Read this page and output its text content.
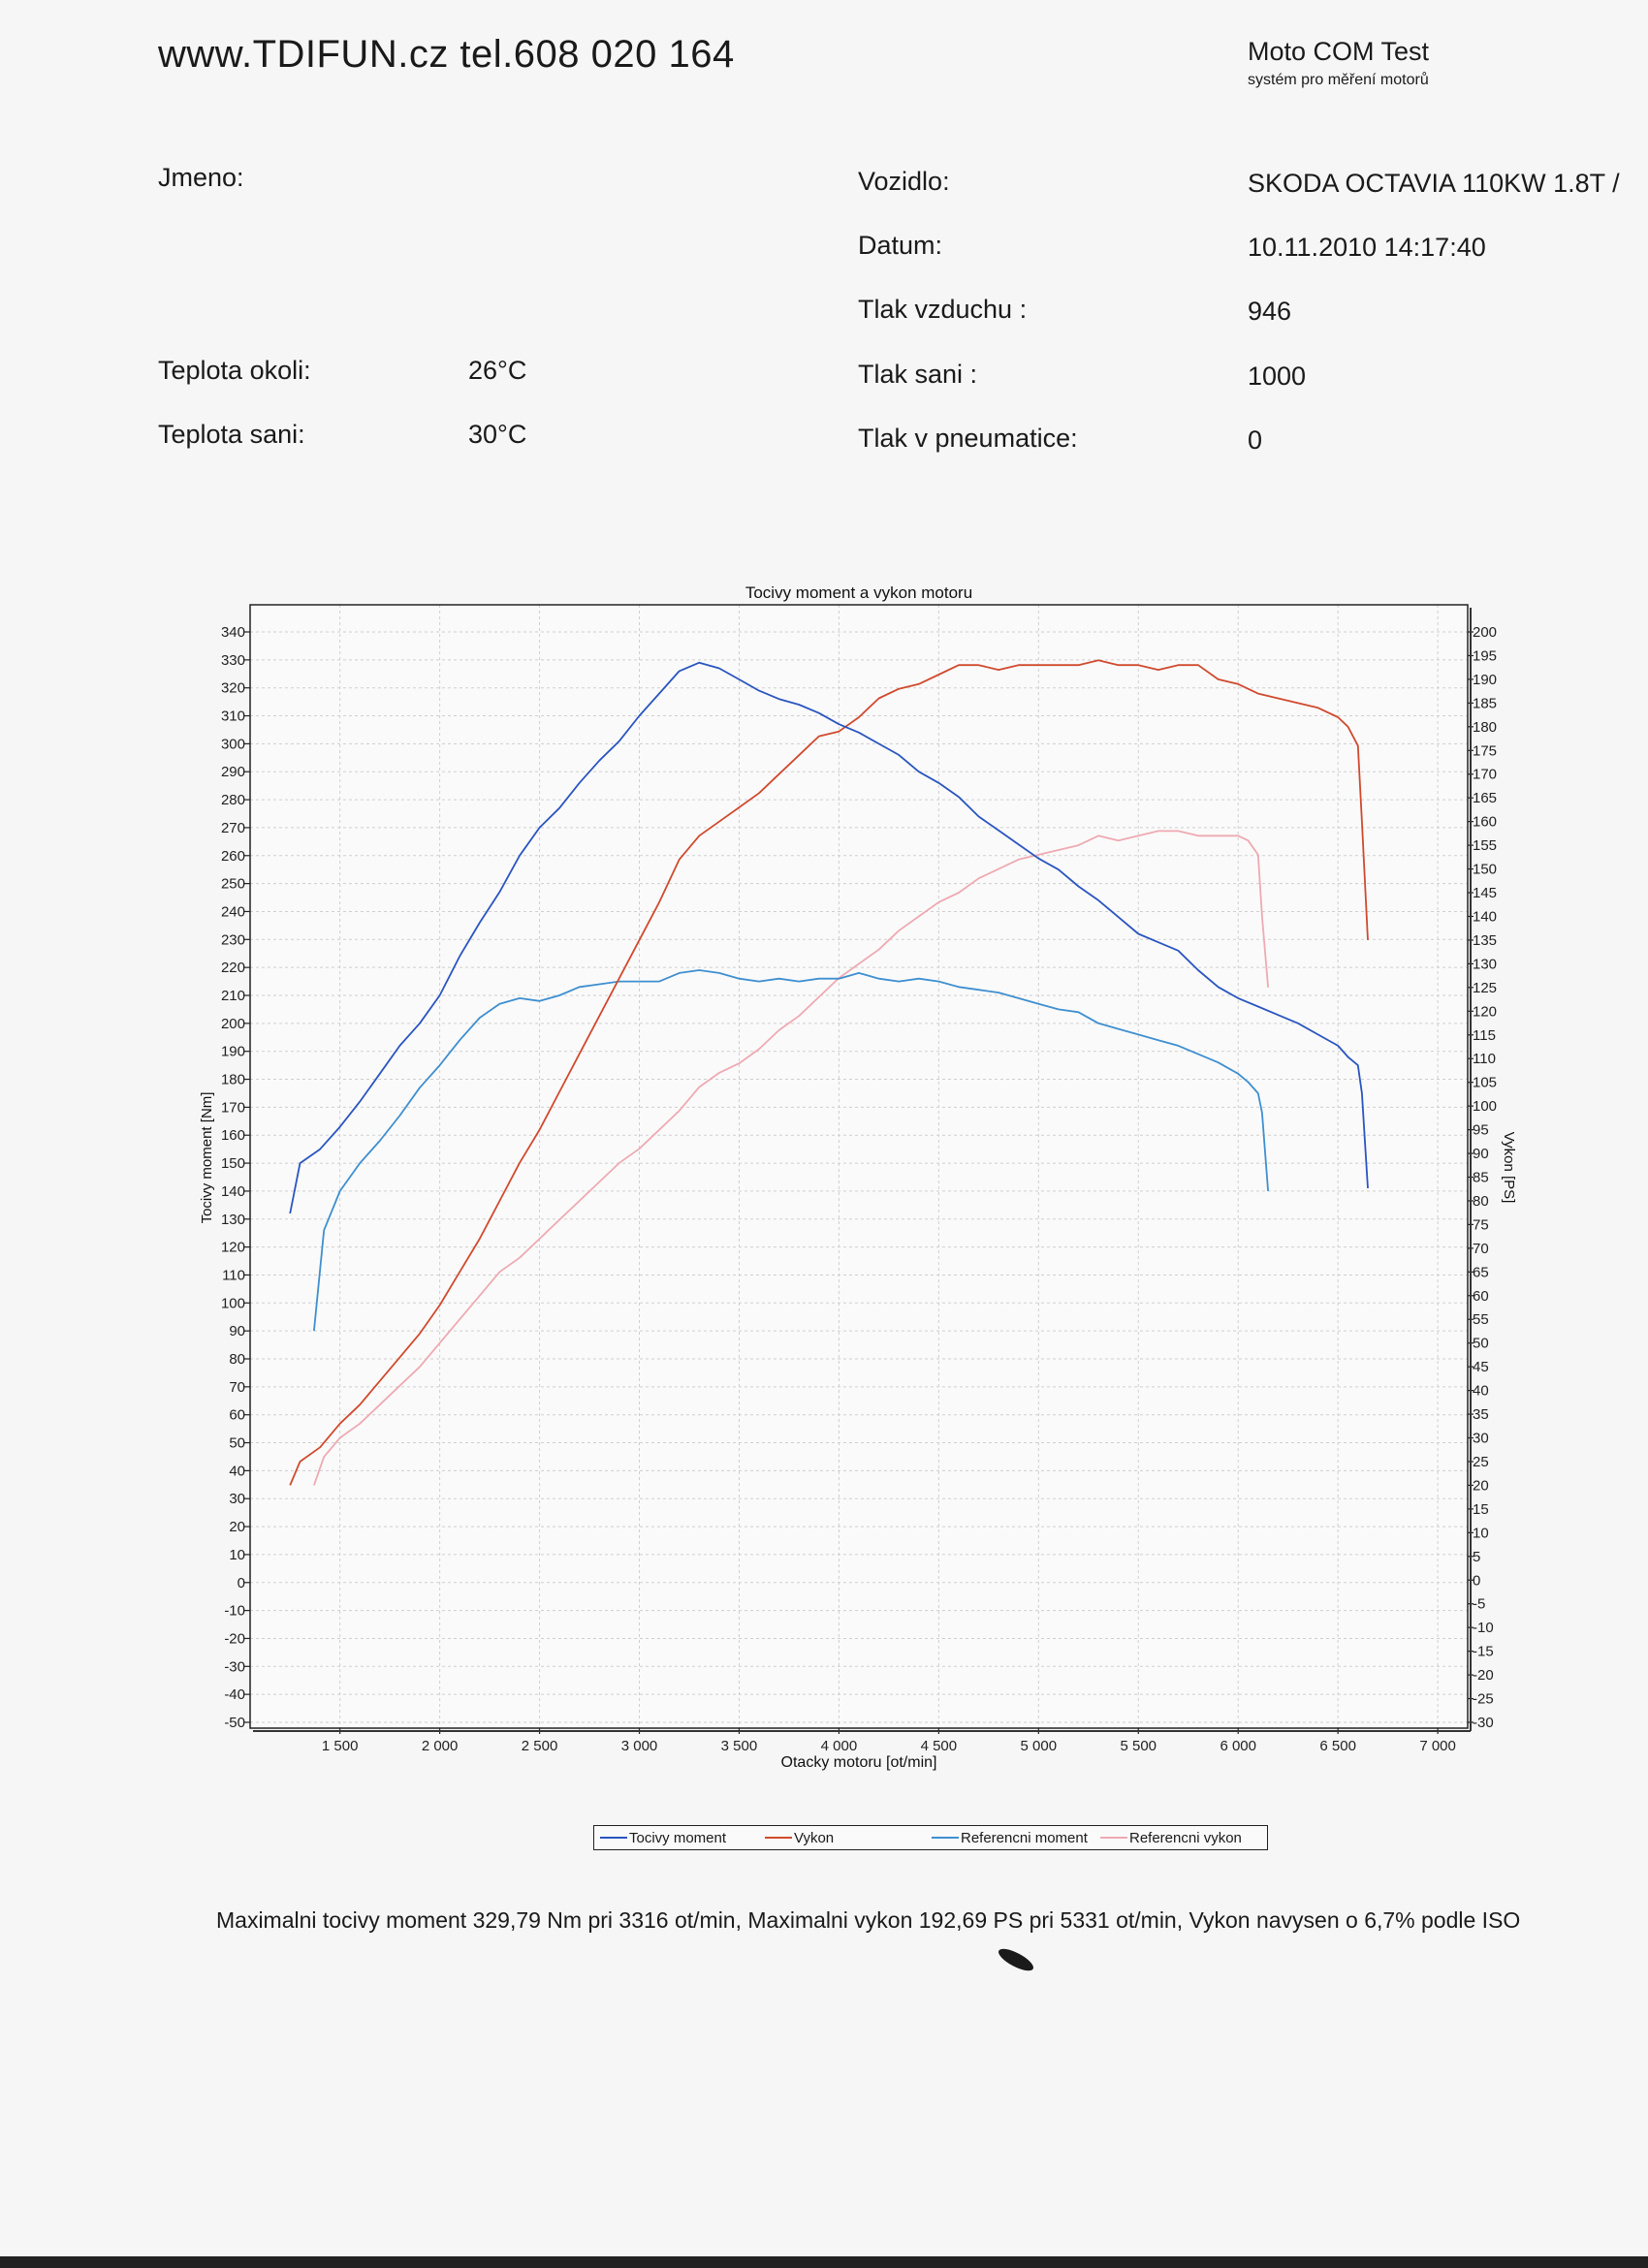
www.TDIFUN.cz tel.608 020 164	Moto COM Test
systém pro měření motorů
Jmeno:
Teplota okoli:	26°C
Teplota sani:	30°C
Vozidlo:	SKODA OCTAVIA 110KW 1.8T /
Datum:	10.11.2010 14:17:40
Tlak vzduchu :	946
Tlak sani :	1000
Tlak v pneumatice:	0
-50
-40
-30
-20
-10
0
10
20
30
40
50
60
70
80
90
100
110
120
130
140
150
160
170
180
190
200
210
220
230
240
250
260
270
280
290
300
310
320
330
340
1 500	2 000	2 500	3 000	3 500	4 000	4 500	5 000	5 500	6 000	6 500	7 000
-30
-25
-20
-15
-10
-5
0
5
10
15
20
25
30
35
40
45
50
55
60
65
70
75
80
85
90
95
100
105
110
115
120
125
130
135
140
145
150
155
160
165
170
175
180
185
190
195
200
Tocivy moment a vykon motoru
Otacky motoru [ot/min]
Tocivy moment [Nm]	Vykon [PS]
Tocivy moment	Vykon	Referencni moment	Referencni vykon
Maximalni tocivy moment 329,79 Nm pri 3316 ot/min, Maximalni vykon 192,69 PS pri 5331 ot/min, Vykon navysen o 6,7% podle ISO
